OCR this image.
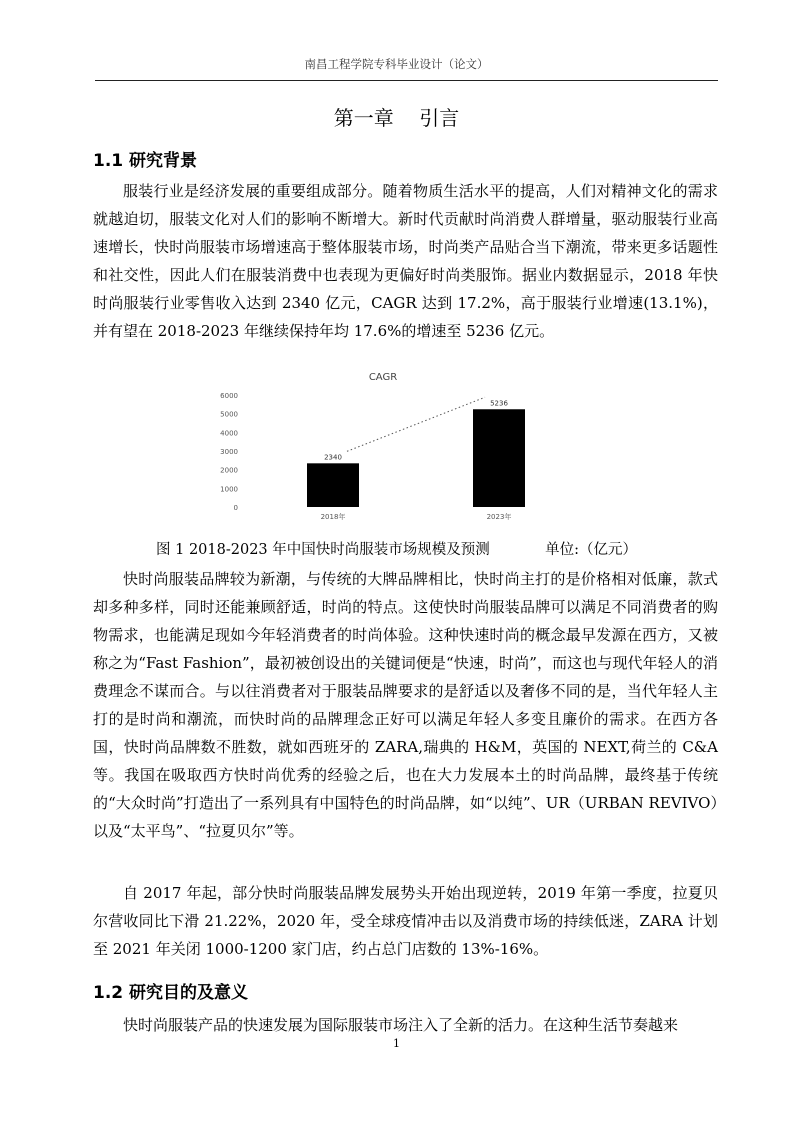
南昌工程学院专科毕业设计（论文）
第一章    引言
1.1 研究背景

服装行业是经济发展的重要组成部分。随着物质生活水平的提高，人们对精神文化的需求就越迫切，服装文化对人们的影响不断增大。新时代贡献时尚消费人群增量，驱动服装行业高速增长，快时尚服装市场增速高于整体服装市场，时尚类产品贴合当下潮流，带来更多话题性和社交性，因此人们在服装消费中也表现为更偏好时尚类服饰。据业内数据显示，2018 年快时尚服装行业零售收入达到 2340 亿元，CAGR 达到 17.2%，高于服装行业增速(13.1%)，并有望在 2018-2023 年继续保持年均 17.6%的增速至 5236 亿元。

CAGR
0
1000
2000
3000
4000
5000
6000
2340
5236
2018年	2023年
图 1 2018-2023 年中国快时尚服装市场规模及预测            单位:（亿元）

快时尚服装品牌较为新潮，与传统的大牌品牌相比，快时尚主打的是价格相对低廉，款式却多种多样，同时还能兼顾舒适，时尚的特点。这使快时尚服装品牌可以满足不同消费者的购物需求，也能满足现如今年轻消费者的时尚体验。这种快速时尚的概念最早发源在西方，又被称之为“Fast Fashion”，最初被创设出的关键词便是“快速，时尚”，而这也与现代年轻人的消费理念不谋而合。与以往消费者对于服装品牌要求的是舒适以及奢侈不同的是，当代年轻人主打的是时尚和潮流，而快时尚的品牌理念正好可以满足年轻人多变且廉价的需求。在西方各国，快时尚品牌数不胜数，就如西班牙的 ZARA,瑞典的 H&M，英国的 NEXT,荷兰的 C&A 等。我国在吸取西方快时尚优秀的经验之后，也在大力发展本土的时尚品牌，最终基于传统的“大众时尚”打造出了一系列具有中国特色的时尚品牌，如“以纯”、UR（URBAN REVIVO）以及“太平鸟”、“拉夏贝尔”等。

自 2017 年起，部分快时尚服装品牌发展势头开始出现逆转，2019 年第一季度，拉夏贝尔营收同比下滑 21.22%，2020 年，受全球疫情冲击以及消费市场的持续低迷，ZARA 计划至 2021 年关闭 1000-1200 家门店，约占总门店数的 13%-16%。

1.2 研究目的及意义

快时尚服装产品的快速发展为国际服装市场注入了全新的活力。在这种生活节奏越来

1
